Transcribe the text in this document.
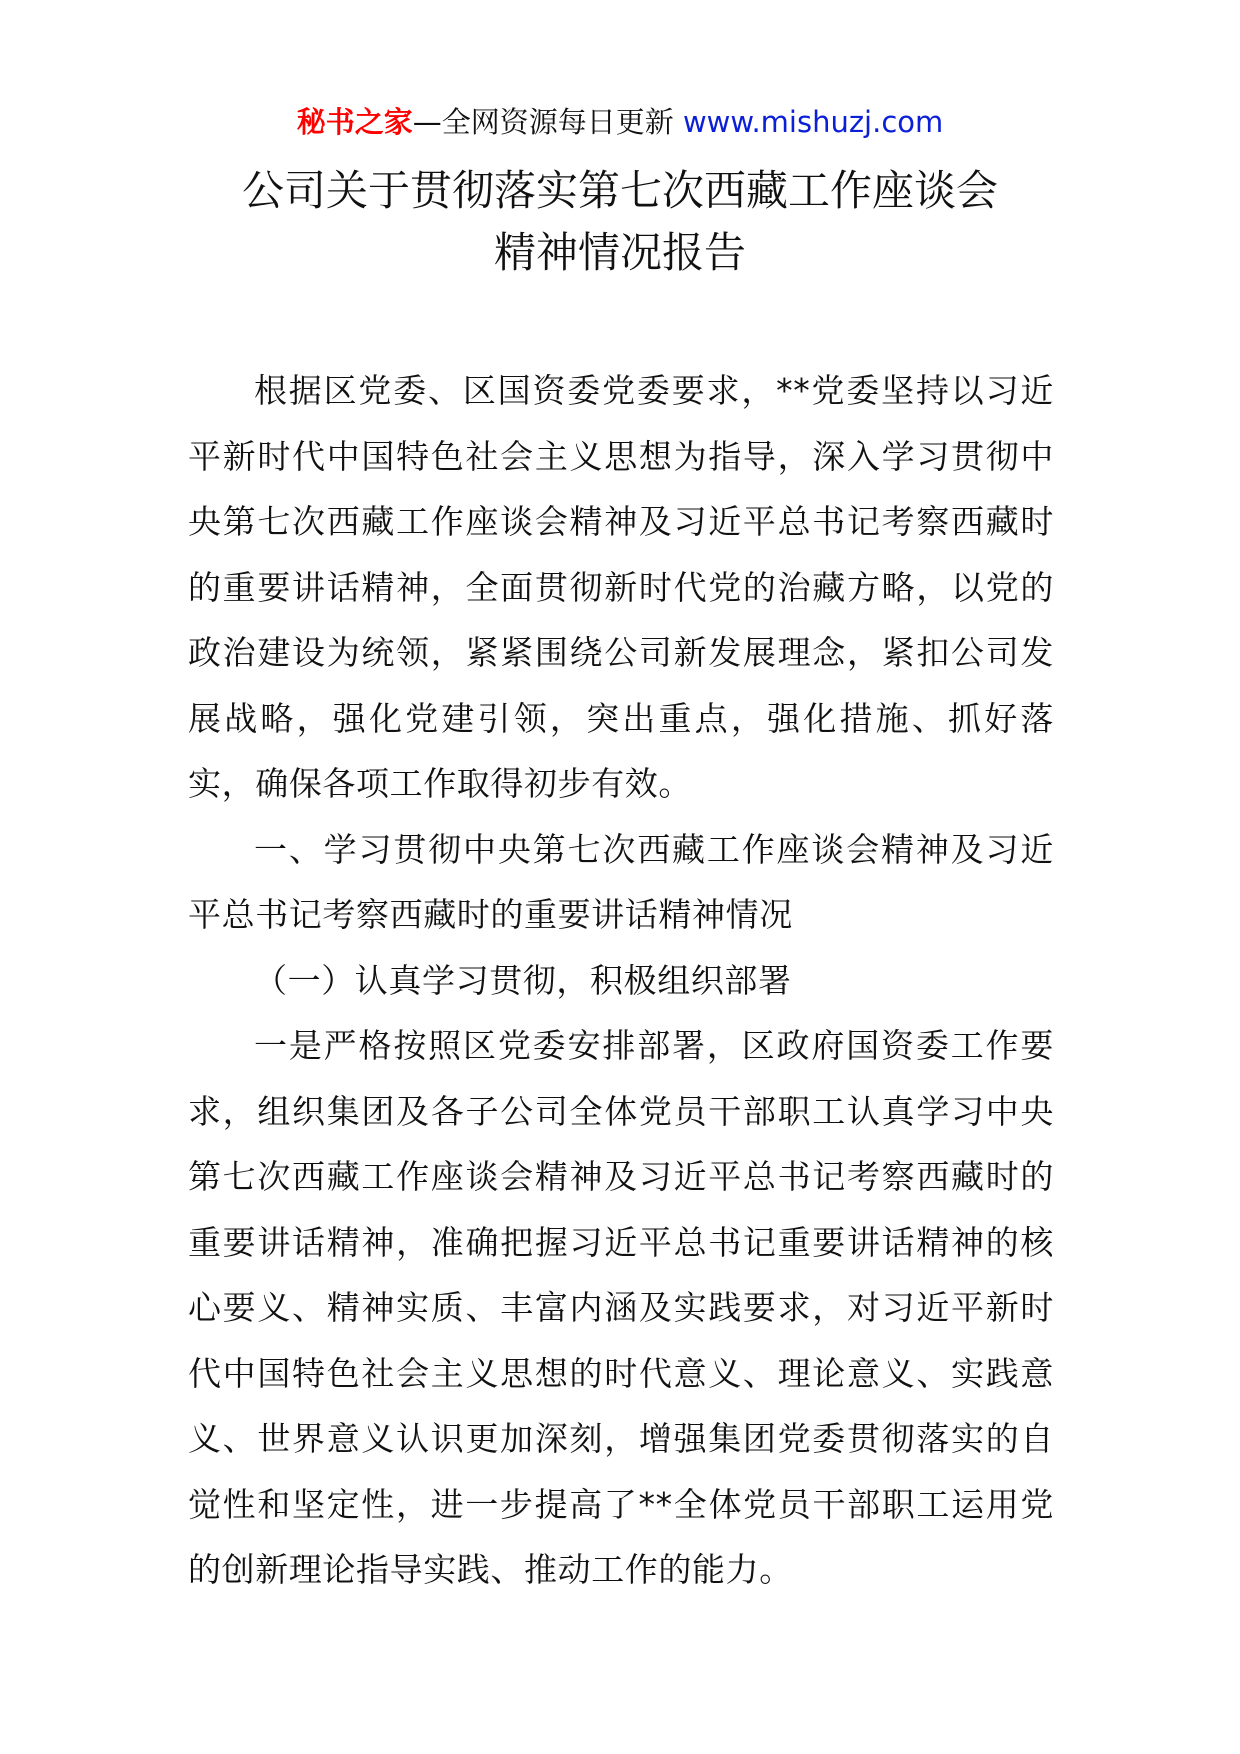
秘书之家—全网资源每日更新 www.mishuzj.com
公司关于贯彻落实第七次西藏工作座谈会
精神情况报告

根据区党委、区国资委党委要求，**党委坚持以习近平新时代中国特色社会主义思想为指导，深入学习贯彻中央第七次西藏工作座谈会精神及习近平总书记考察西藏时的重要讲话精神，全面贯彻新时代党的治藏方略，以党的政治建设为统领，紧紧围绕公司新发展理念，紧扣公司发展战略，强化党建引领，突出重点，强化措施、抓好落实，确保各项工作取得初步有效。

一、学习贯彻中央第七次西藏工作座谈会精神及习近平总书记考察西藏时的重要讲话精神情况

（一）认真学习贯彻，积极组织部署

一是严格按照区党委安排部署，区政府国资委工作要求，组织集团及各子公司全体党员干部职工认真学习中央第七次西藏工作座谈会精神及习近平总书记考察西藏时的重要讲话精神，准确把握习近平总书记重要讲话精神的核心要义、精神实质、丰富内涵及实践要求，对习近平新时代中国特色社会主义思想的时代意义、理论意义、实践意义、世界意义认识更加深刻，增强集团党委贯彻落实的自觉性和坚定性，进一步提高了**全体党员干部职工运用党的创新理论指导实践、推动工作的能力。
